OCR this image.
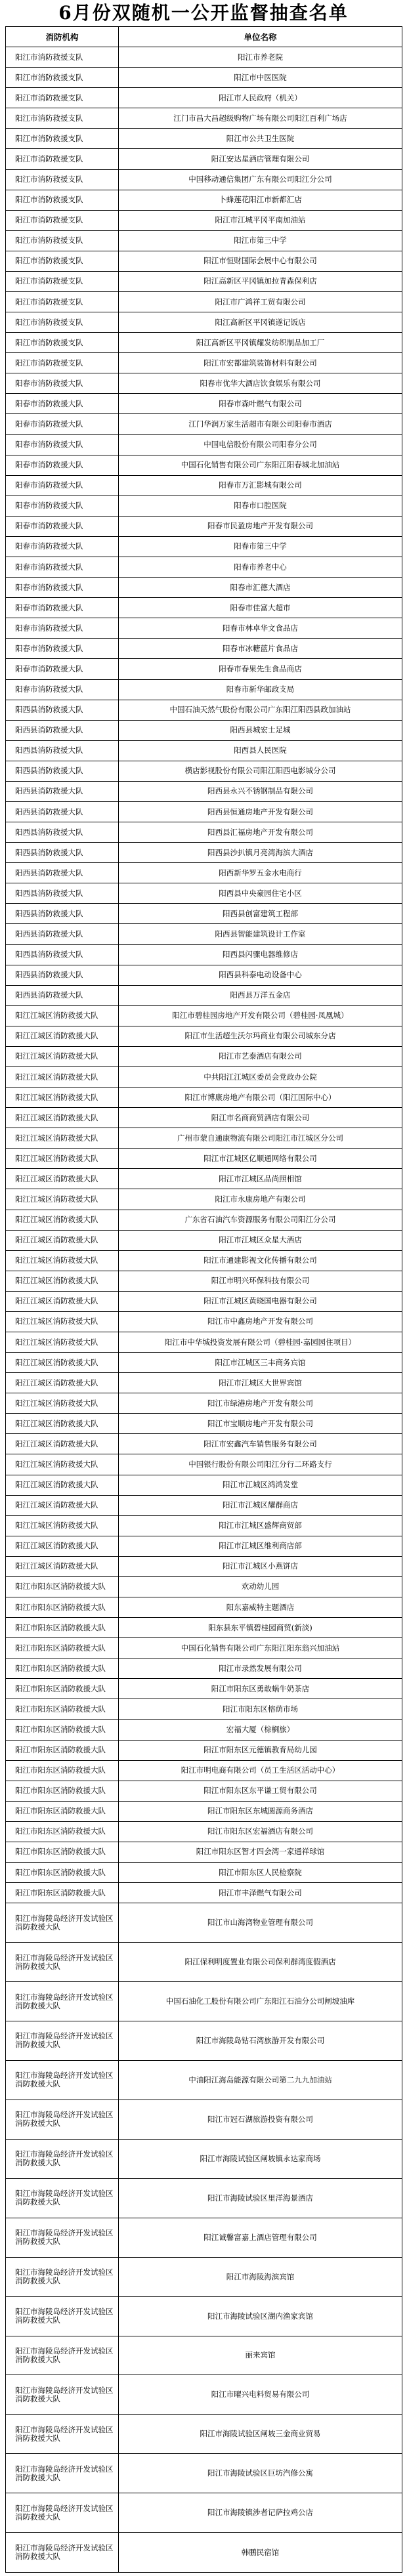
6月份双随机一公开监督抽查名单
消防机构	单位名称
阳江市消防救援支队	阳江市养老院
阳江市消防救援支队	阳江市中医医院
阳江市消防救援支队	阳江市人民政府（机关）
阳江市消防救援支队	江门市昌大昌超级购物广场有限公司阳江百利广场店
阳江市消防救援支队	阳江市公共卫生医院
阳江市消防救援支队	阳江安达星酒店管理有限公司
阳江市消防救援支队	中国移动通信集团广东有限公司阳江分公司
阳江市消防救援支队	卜蜂莲花阳江市新都汇店
阳江市消防救援支队	阳江市江城平冈平南加油站
阳江市消防救援支队	阳江市第三中学
阳江市消防救援支队	阳江市恒财国际会展中心有限公司
阳江市消防救援支队	阳江高新区平冈镇加拉青森保利店
阳江市消防救援支队	阳江市广鸿祥工贸有限公司
阳江市消防救援支队	阳江高新区平冈镇遂记饭店
阳江市消防救援支队	阳江高新区平冈镇耀发纺织制品加工厂
阳江市消防救援支队	阳江市宏都建筑装饰材料有限公司
阳春市消防救援大队	阳春市优华大酒店饮食娱乐有限公司
阳春市消防救援大队	阳春市森叶燃气有限公司
阳春市消防救援大队	江门华润万家生活超市有限公司阳春市酒店
阳春市消防救援大队	中国电信股份有限公司阳春分公司
阳春市消防救援大队	中国石化销售有限公司广东阳江阳春城北加油站
阳春市消防救援大队	阳春市万汇影城有限公司
阳春市消防救援大队	阳春市口腔医院
阳春市消防救援大队	阳春市民盈房地产开发有限公司
阳春市消防救援大队	阳春市第三中学
阳春市消防救援大队	阳春市养老中心
阳春市消防救援大队	阳春市汇德大酒店
阳春市消防救援大队	阳春市佳富大超市
阳春市消防救援大队	阳春市林卓华文食品店
阳春市消防救援大队	阳春市冰糖蓝片食品店
阳春市消防救援大队	阳春市春果先生食品商店
阳春市消防救援大队	阳春市新华邮政支局
阳西县消防救援大队	中国石油天然气股份有限公司广东阳江阳西县政加油站
阳西县消防救援大队	阳西县城宏士足城
阳西县消防救援大队	阳西县人民医院
阳西县消防救援大队	横店影视股份有限公司阳江阳西电影城分公司
阳西县消防救援大队	阳西县永兴不锈钢制品有限公司
阳西县消防救援大队	阳西县恒通房地产开发有限公司
阳西县消防救援大队	阳西县汇福房地产开发有限公司
阳西县消防救援大队	阳西县沙扒镇月亮湾海滨大酒店
阳西县消防救援大队	阳西新华罗五金水电商行
阳西县消防救援大队	阳西县中央豪园住宅小区
阳西县消防救援大队	阳西县创富建筑工程部
阳西县消防救援大队	阳西县智能建筑设计工作室
阳西县消防救援大队	阳西县闪骤电器维修店
阳西县消防救援大队	阳西县科泰电动设备中心
阳西县消防救援大队	阳西县万洋五金店
阳江江城区消防救援大队	阳江市碧桂园房地产开发有限公司（碧桂园·凤凰城）
阳江江城区消防救援大队	阳江市生活超生沃尔玛商业有限公司城东分店
阳江江城区消防救援大队	阳江市艺泰酒店有限公司
阳江江城区消防救援大队	中共阳江江城区委员会党政办公院
阳江江城区消防救援大队	阳江市博康房地产有限公司（阳江国际中心）
阳江江城区消防救援大队	阳江市名商商贸酒店有限公司
阳江江城区消防救援大队	广州市蒙自通康物流有限公司阳江市江城区分公司
阳江江城区消防救援大队	阳江市江城区亿顺通网络有限公司
阳江江城区消防救援大队	阳江市江城区品尚照相馆
阳江江城区消防救援大队	阳江市永康房地产有限公司
阳江江城区消防救援大队	广东省石油汽车资源服务有限公司阳江分公司
阳江江城区消防救援大队	阳江市江城区众星大酒店
阳江江城区消防救援大队	阳江市通建影视文化传播有限公司
阳江江城区消防救援大队	阳江市明兴环保科技有限公司
阳江江城区消防救援大队	阳江市江城区黄晓国电器有限公司
阳江江城区消防救援大队	阳江市中鑫房地产开发有限公司
阳江江城区消防救援大队	阳江市中华城投资发展有限公司（碧桂园·嘉园园住项目）
阳江江城区消防救援大队	阳江市江城区三丰商务宾馆
阳江江城区消防救援大队	阳江市江城区大世界宾馆
阳江江城区消防救援大队	阳江市绿港房地产开发有限公司
阳江江城区消防救援大队	阳江市宝顺房地产开发有限公司
阳江江城区消防救援大队	阳江市宏鑫汽车销售服务有限公司
阳江江城区消防救援大队	中国银行股份有限公司阳江分行二环路支行
阳江江城区消防救援大队	阳江市江城区鸿鸿发堂
阳江江城区消防救援大队	阳江市江城区耀群商店
阳江江城区消防救援大队	阳江市江城区盛辉商贸部
阳江江城区消防救援大队	阳江市江城区维利商店部
阳江江城区消防救援大队	阳江市江城区小燕饼店
阳江市阳东区消防救援大队	欢动幼儿园
阳江市阳东区消防救援大队	阳东嘉威特主题酒店
阳江市阳东区消防救援大队	阳东县东平镇碧桂园商贸(新淡)
阳江市阳东区消防救援大队	中国石化销售有限公司广东阳江阳东翁兴加油站
阳江市阳东区消防救援大队	阳江市录然发展有限公司
阳江市阳东区消防救援大队	阳江市阳东区勇敢蜗牛奶茶店
阳江市阳东区消防救援大队	阳江市阳东区榕荫市场
阳江市阳东区消防救援大队	宏福大厦（棕榈旅）
阳江市阳东区消防救援大队	阳江市阳东区元德镇教育局幼儿园
阳江市阳东区消防救援大队	阳江市明电商有限公司（员工生活区活动中心）
阳江市阳东区消防救援大队	阳江市阳东区东平谦工贸有限公司
阳江市阳东区消防救援大队	阳江市阳东区东城圆源商务酒店
阳江市阳东区消防救援大队	阳江市阳东区宏福酒店有限公司
阳江市阳东区消防救援大队	阳江市阳东区智才四会湾一家通祥球馆
阳江市阳东区消防救援大队	阳江市阳东区人民检察院
阳江市阳东区消防救援大队	阳江市丰泽燃气有限公司
阳江市海陵岛经济开发试验区消防救援大队	阳江市山海湾物业管理有限公司
阳江市海陵岛经济开发试验区消防救援大队	阳江保利明度置业有限公司保利群湾度假酒店
阳江市海陵岛经济开发试验区消防救援大队	中国石油化工股份有限公司广东阳江石油分公司闸坡油库
阳江市海陵岛经济开发试验区消防救援大队	阳江市海陵岛钻石湾旅游开发有限公司
阳江市海陵岛经济开发试验区消防救援大队	中油阳江海岛能源有限公司第二九九加油站
阳江市海陵岛经济开发试验区消防救援大队	阳江市冠石湖旅游投资有限公司
阳江市海陵岛经济开发试验区消防救援大队	阳江市海陵试验区闸坡镇永达家商场
阳江市海陵岛经济开发试验区消防救援大队	阳江市海陵试验区里洋海景酒店
阳江市海陵岛经济开发试验区消防救援大队	阳江诚馨富嘉上酒店管理有限公司
阳江市海陵岛经济开发试验区消防救援大队	阳江市海陵海滨宾馆
阳江市海陵岛经济开发试验区消防救援大队	阳江市海陵试验区湖内渔家宾馆
阳江市海陵岛经济开发试验区消防救援大队	丽来宾馆
阳江市海陵岛经济开发试验区消防救援大队	阳江市曜兴电料贸易有限公司
阳江市海陵岛经济开发试验区消防救援大队	阳江市海陵试验区闸坡三金商业贸易
阳江市海陵岛经济开发试验区消防救援大队	阳江市海陵试验区巨坊汽修公寓
阳江市海陵岛经济开发试验区消防救援大队	阳江市海陵镇涉者记萨拉鸡公店
阳江市海陵岛经济开发试验区消防救援大队	韩鹏民宿馆
